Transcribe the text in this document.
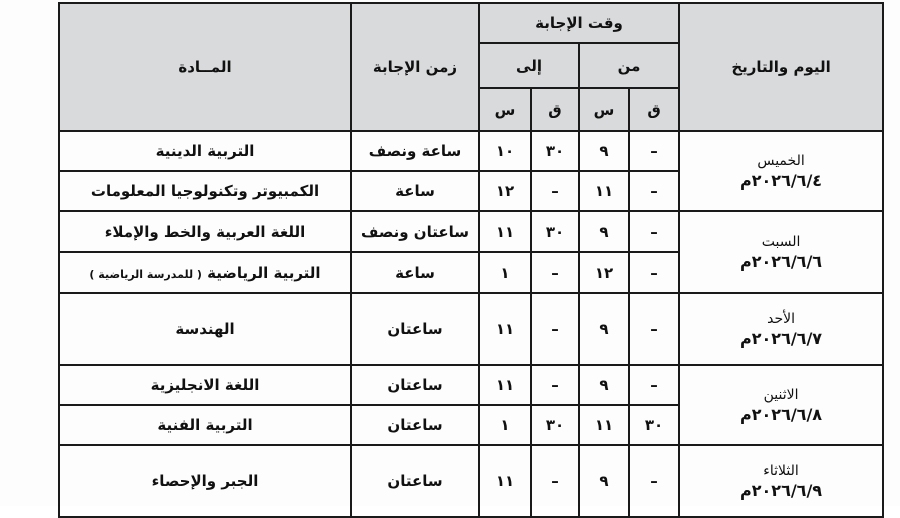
المــادة	زمن الإجابة	وقت الإجابة				اليوم والتاريخ
		إلى		من		
		س	ق	س	ق	
التربية الدينية	ساعة ونصف	١٠	٣٠	٩	–	الخميس
٢٠٢٦/٦/٤م

الكمبيوتر وتكنولوجيا المعلومات	ساعة	١٢	–	١١	–	
اللغة العربية والخط والإملاء	ساعتان ونصف	١١	٣٠	٩	–	السبت
٢٠٢٦/٦/٦م

التربية الرياضية ( للمدرسة الرياضية )	ساعة	١	–	١٢	–	
الهندسة	ساعتان	١١	–	٩	–	الأحد
٢٠٢٦/٦/٧م

اللغة الانجليزية	ساعتان	١١	–	٩	–	الاثنين
٢٠٢٦/٦/٨م

التربية الفنية	ساعتان	١	٣٠	١١	٣٠	
الجبر والإحصاء	ساعتان	١١	–	٩	–	الثلاثاء
٢٠٢٦/٦/٩م
